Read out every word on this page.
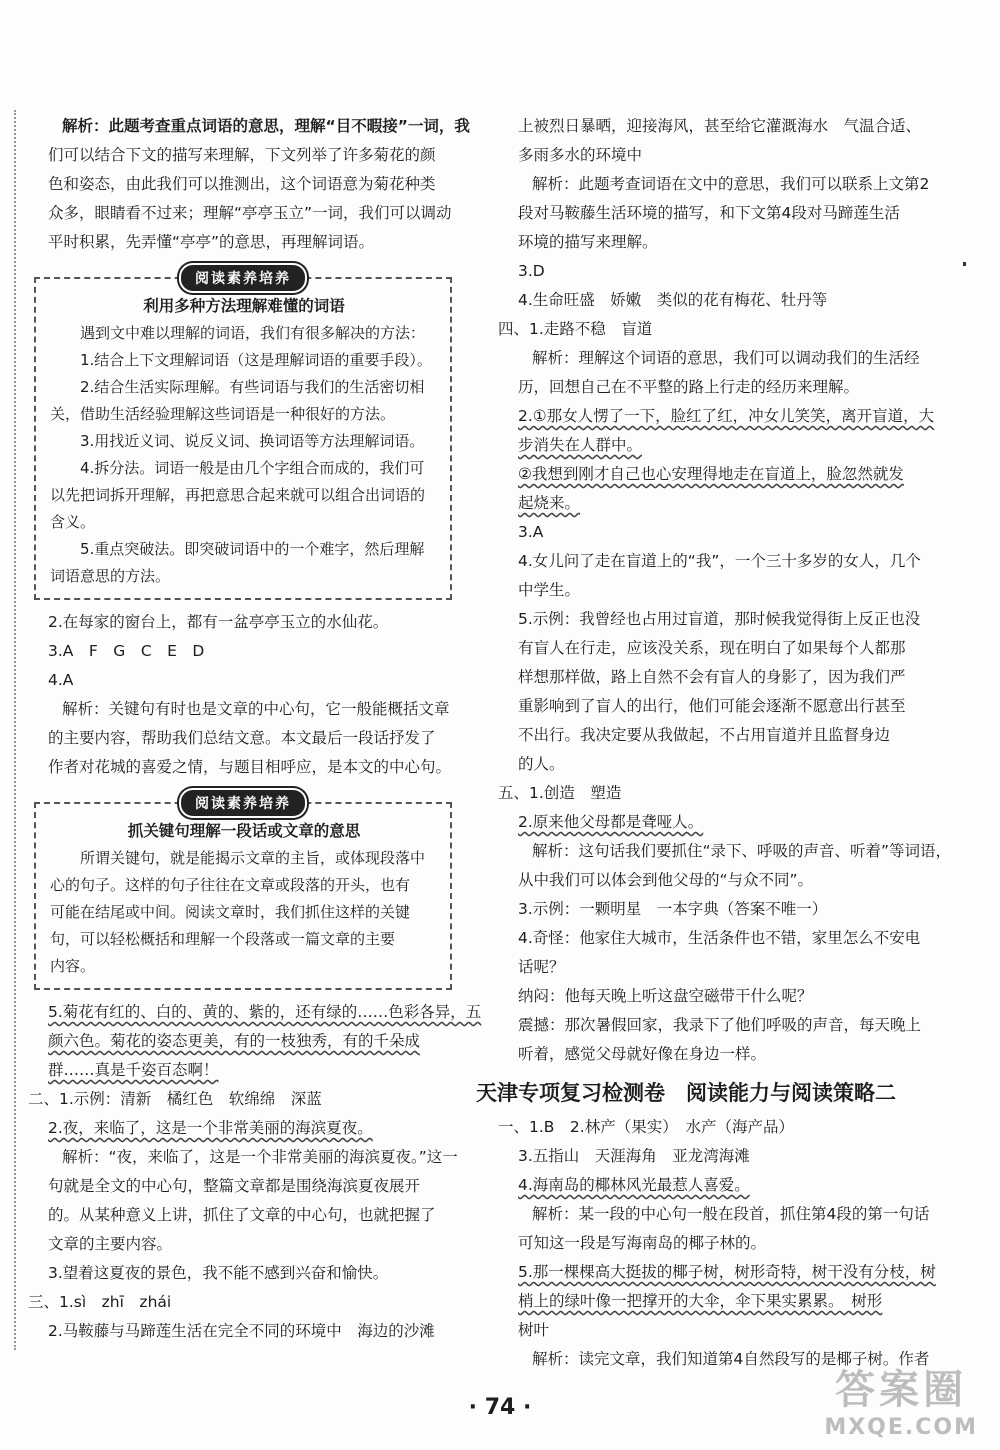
解析：此题考查重点词语的意思，理解“目不暇接”一词，我
们可以结合下文的描写来理解，下文列举了许多菊花的颜
色和姿态，由此我们可以推测出，这个词语意为菊花种类
众多，眼睛看不过来；理解“亭亭玉立”一词，我们可以调动
平时积累，先弄懂“亭亭”的意思，再理解词语。
阅读素养培养
利用多种方法理解难懂的词语
遇到文中难以理解的词语，我们有很多解决的方法：
1.结合上下文理解词语（这是理解词语的重要手段）。
2.结合生活实际理解。有些词语与我们的生活密切相
关，借助生活经验理解这些词语是一种很好的方法。
3.用找近义词、说反义词、换词语等方法理解词语。
4.拆分法。词语一般是由几个字组合而成的，我们可
以先把词拆开理解，再把意思合起来就可以组合出词语的
含义。
5.重点突破法。即突破词语中的一个难字，然后理解
词语意思的方法。
2.在每家的窗台上，都有一盆亭亭玉立的水仙花。
3.A　F　G　C　E　D
4.A
解析：关键句有时也是文章的中心句，它一般能概括文章
的主要内容，帮助我们总结文意。本文最后一段话抒发了
作者对花城的喜爱之情，与题目相呼应，是本文的中心句。
阅读素养培养
抓关键句理解一段话或文章的意思
所谓关键句，就是能揭示文章的主旨，或体现段落中
心的句子。这样的句子往往在文章或段落的开头，也有
可能在结尾或中间。阅读文章时，我们抓住这样的关键
句，可以轻松概括和理解一个段落或一篇文章的主要
内容。
5.菊花有红的、白的、黄的、紫的，还有绿的……色彩各异，五
颜六色。菊花的姿态更美，有的一枝独秀，有的千朵成
群……真是千姿百态啊！
二、1.示例：清新　橘红色　软绵绵　深蓝
2.夜，来临了，这是一个非常美丽的海滨夏夜。
解析：“夜，来临了，这是一个非常美丽的海滨夏夜。”这一
句就是全文的中心句，整篇文章都是围绕海滨夏夜展开
的。从某种意义上讲，抓住了文章的中心句，也就把握了
文章的主要内容。
3.望着这夏夜的景色，我不能不感到兴奋和愉快。
三、1.sì　zhī　zhái
2.马鞍藤与马蹄莲生活在完全不同的环境中　海边的沙滩
上被烈日暴晒，迎接海风，甚至给它灌溉海水　气温合适、
多雨多水的环境中
解析：此题考查词语在文中的意思，我们可以联系上文第2
段对马鞍藤生活环境的描写，和下文第4段对马蹄莲生活
环境的描写来理解。
3.D
4.生命旺盛　娇嫩　类似的花有梅花、牡丹等
四、1.走路不稳　盲道
解析：理解这个词语的意思，我们可以调动我们的生活经
历，回想自己在不平整的路上行走的经历来理解。
2.①那女人愣了一下，脸红了红，冲女儿笑笑，离开盲道，大
步消失在人群中。
②我想到刚才自己也心安理得地走在盲道上，脸忽然就发
起烧来。
3.A
4.女儿问了走在盲道上的“我”，一个三十多岁的女人，几个
中学生。
5.示例：我曾经也占用过盲道，那时候我觉得街上反正也没
有盲人在行走，应该没关系，现在明白了如果每个人都那
样想那样做，路上自然不会有盲人的身影了，因为我们严
重影响到了盲人的出行，他们可能会逐渐不愿意出行甚至
不出行。我决定要从我做起，不占用盲道并且监督身边
的人。
五、1.创造　塑造
2.原来他父母都是聋哑人。
解析：这句话我们要抓住“录下、呼吸的声音、听着”等词语，
从中我们可以体会到他父母的“与众不同”。
3.示例：一颗明星　一本字典（答案不唯一）
4.奇怪：他家住大城市，生活条件也不错，家里怎么不安电
话呢？
纳闷：他每天晚上听这盘空磁带干什么呢？
震撼：那次暑假回家，我录下了他们呼吸的声音，每天晚上
听着，感觉父母就好像在身边一样。
天津专项复习检测卷　阅读能力与阅读策略二
一、1.B　2.林产（果实）　水产（海产品）
3.五指山　天涯海角　亚龙湾海滩
4.海南岛的椰林风光最惹人喜爱。
解析：某一段的中心句一般在段首，抓住第4段的第一句话
可知这一段是写海南岛的椰子林的。
5.那一棵棵高大挺拔的椰子树，树形奇特，树干没有分枝，树
梢上的绿叶像一把撑开的大伞，伞下果实累累。　树形
树叶
解析：读完文章，我们知道第4自然段写的是椰子树。作者
· 74 ·	答案圈
MXQE.COM
